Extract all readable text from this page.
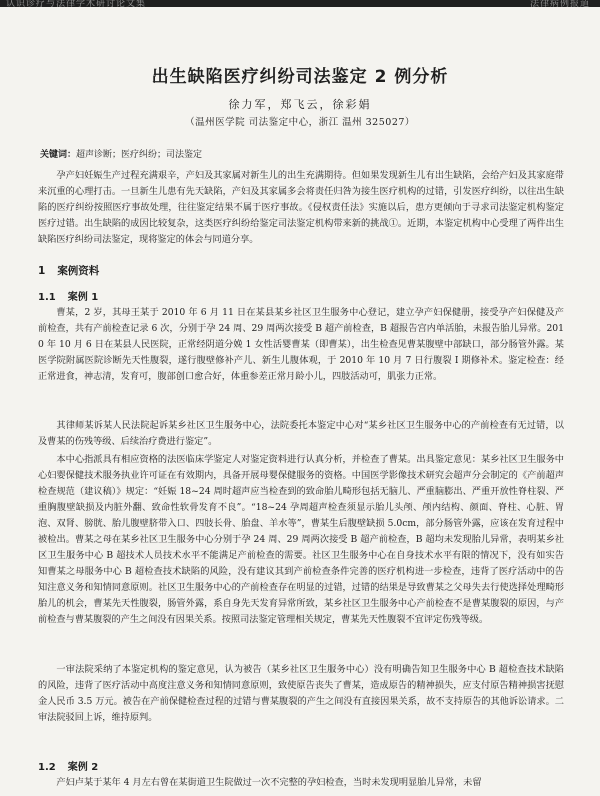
认识诊疗与法律学术研讨论文集	法律病例报道
出生缺陷医疗纠纷司法鉴定 2 例分析
徐力军，郑飞云，徐彩娟
（温州医学院 司法鉴定中心，浙江 温州 325027）
关键词：超声诊断；医疗纠纷；司法鉴定

孕产妇妊娠生产过程充满艰辛，产妇及其家属对新生儿的出生充满期待。但如果发现新生儿有出生缺陷，会给产妇及其家庭带来沉重的心理打击。一旦新生儿患有先天缺陷，产妇及其家属多会将责任归咎为接生医疗机构的过错，引发医疗纠纷，以往出生缺陷的医疗纠纷按照医疗事故处理，往往鉴定结果不属于医疗事故。《侵权责任法》实施以后，患方更倾向于寻求司法鉴定机构鉴定医疗过错。出生缺陷的成因比较复杂，这类医疗纠纷给鉴定司法鉴定机构带来新的挑战①。近期，本鉴定机构中心受理了两件出生缺陷医疗纠纷司法鉴定，现将鉴定的体会与同道分享。

1 案例资料
1.1 案例 1

曹某，2 岁，其母王某于 2010 年 6 月 11 日在某县某乡社区卫生服务中心登记，建立孕产妇保健册，接受孕产妇保健及产前检查，共有产前检查记录 6 次，分别于孕 24 周、29 周两次接受 B 超产前检查，B 超报告宫内单活胎，未报告胎儿异常。2010 年 10 月 6 日在某县人民医院，正常经阴道分娩 1 女性活婴曹某（即曹某），出生检查见曹某腹壁中部缺口，部分肠管外露。某医学院附属医院诊断先天性腹裂，遂行腹壁修补产儿、新生儿腹体观，于 2010 年 10 月 7 日行腹裂 I 期修补术。鉴定检查：经正常进食，神志清，发育可，腹部创口愈合好，体重参差正常月龄小儿，四肢活动可，肌张力正常。

其律师某诉某人民法院起诉某乡社区卫生服务中心，法院委托本鉴定中心对“某乡社区卫生服务中心的产前检查有无过错，以及曹某的伤残等级、后续治疗费进行鉴定”。

本中心指派具有相应资格的法医临床学鉴定人对鉴定资料进行认真分析，并检查了曹某。出具鉴定意见：某乡社区卫生服务中心妇婴保健技术服务执业许可证在有效期内，具备开展母婴保健服务的资格。中国医学影像技术研究会超声分会制定的《产前超声检查规范（建议稿）》规定：“妊娠 18~24 周时超声应当检查到的致命胎儿畸形包括无脑儿、严重脑膨出、严重开放性脊柱裂、严重胸腹壁缺损及内脏外翻、致命性软骨发育不良”。“18~24 孕周超声检查须显示胎儿头颅、颅内结构、颜面、脊柱、心脏、胃泡、双肾、膀胱、胎儿腹壁脐带入口、四肢长骨、胎盘、羊水等”，曹某生后腹壁缺损 5.0cm，部分肠管外露，应该在发育过程中被检出。曹某之母在某乡社区卫生服务中心分别于孕 24 周、29 周两次接受 B 超产前检查，B 超均未发现胎儿异常，表明某乡社区卫生服务中心 B 超技术人员技术水平不能满足产前检查的需要。社区卫生服务中心在自身技术水平有限的情况下，没有如实告知曹某之母服务中心 B 超检查技术缺陷的风险，没有建议其到产前检查条件完善的医疗机构进一步检查，违背了医疗活动中的告知注意义务和知情同意原则。社区卫生服务中心的产前检查存在明显的过错，过错的结果是导致曹某之父母失去行使选择处理畸形胎儿的机会，曹某先天性腹裂，肠管外露，系自身先天发育异常所致，某乡社区卫生服务中心产前检查不是曹某腹裂的原因，与产前检查与曹某腹裂的产生之间没有因果关系。按照司法鉴定管理相关规定，曹某先天性腹裂不宜评定伤残等级。

一审法院采纳了本鉴定机构的鉴定意见，认为被告（某乡社区卫生服务中心）没有明确告知卫生服务中心 B 超检查技术缺陷的风险，违背了医疗活动中高度注意义务和知情同意原则，致使原告丧失了曹某，造成原告的精神损失，应支付原告精神损害抚慰金人民币 3.5 万元。被告在产前保健检查过程的过错与曹某腹裂的产生之间没有直接因果关系，故不支持原告的其他诉讼请求。二审法院驳回上诉，维持原判。

1.2 案例 2

产妇卢某于某年 4 月左右曾在某街道卫生院做过一次不完整的孕妇检查，当时未发现明显胎儿异常，未留
